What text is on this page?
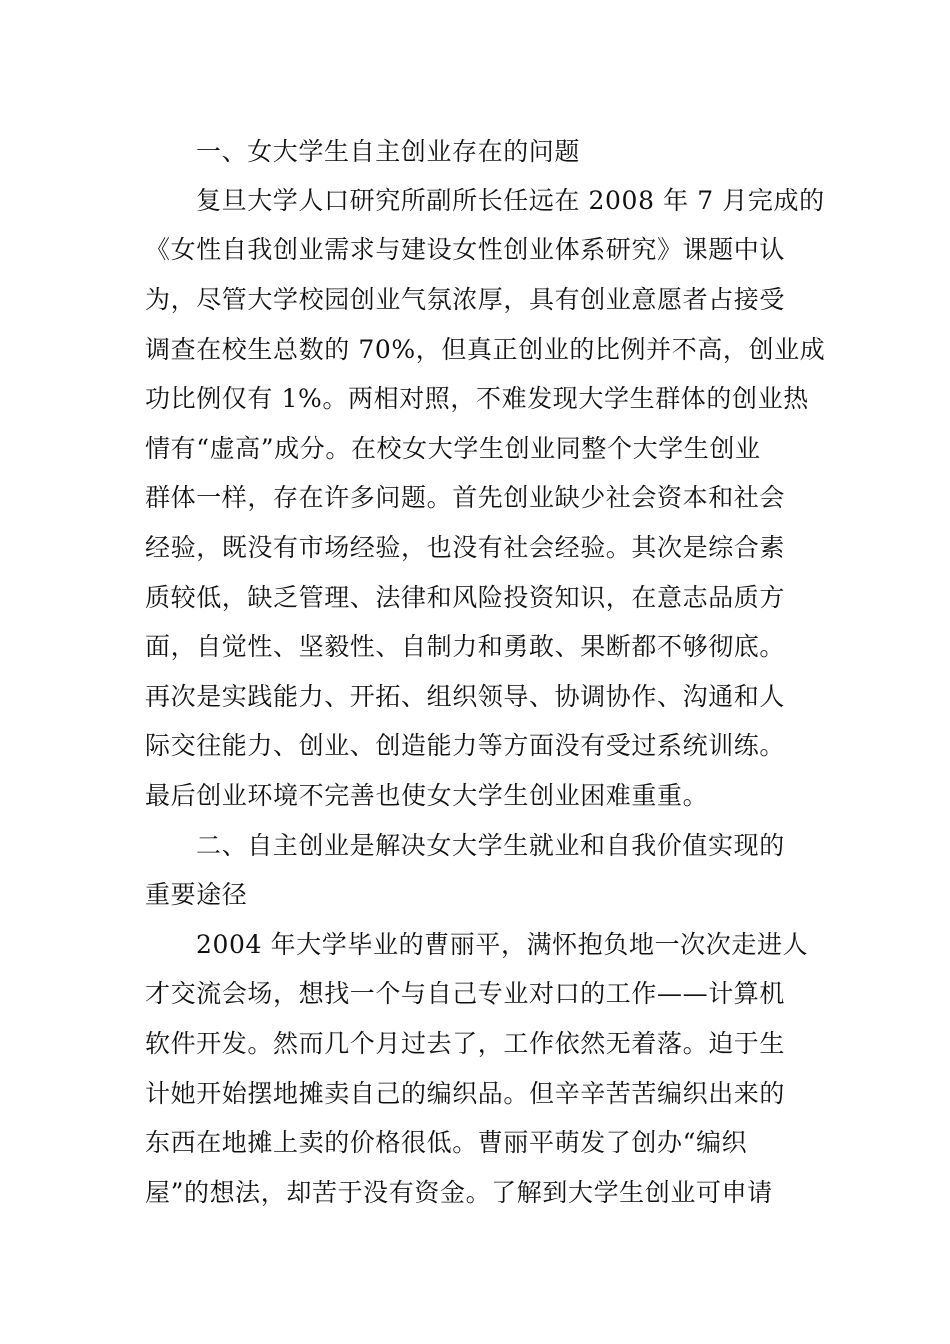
一、女大学生自主创业存在的问题
复旦大学人口研究所副所长任远在 2008 年 7 月完成的
《女性自我创业需求与建设女性创业体系研究》课题中认
为，尽管大学校园创业气氛浓厚，具有创业意愿者占接受
调查在校生总数的 70%，但真正创业的比例并不高，创业成
功比例仅有 1%。两相对照，不难发现大学生群体的创业热
情有“虚高”成分。在校女大学生创业同整个大学生创业
群体一样，存在许多问题。首先创业缺少社会资本和社会
经验，既没有市场经验，也没有社会经验。其次是综合素
质较低，缺乏管理、法律和风险投资知识，在意志品质方
面，自觉性、坚毅性、自制力和勇敢、果断都不够彻底。
再次是实践能力、开拓、组织领导、协调协作、沟通和人
际交往能力、创业、创造能力等方面没有受过系统训练。
最后创业环境不完善也使女大学生创业困难重重。
二、自主创业是解决女大学生就业和自我价值实现的
重要途径
2004 年大学毕业的曹丽平，满怀抱负地一次次走进人
才交流会场，想找一个与自己专业对口的工作——计算机
软件开发。然而几个月过去了，工作依然无着落。迫于生
计她开始摆地摊卖自己的编织品。但辛辛苦苦编织出来的
东西在地摊上卖的价格很低。曹丽平萌发了创办“编织
屋”的想法，却苦于没有资金。了解到大学生创业可申请
